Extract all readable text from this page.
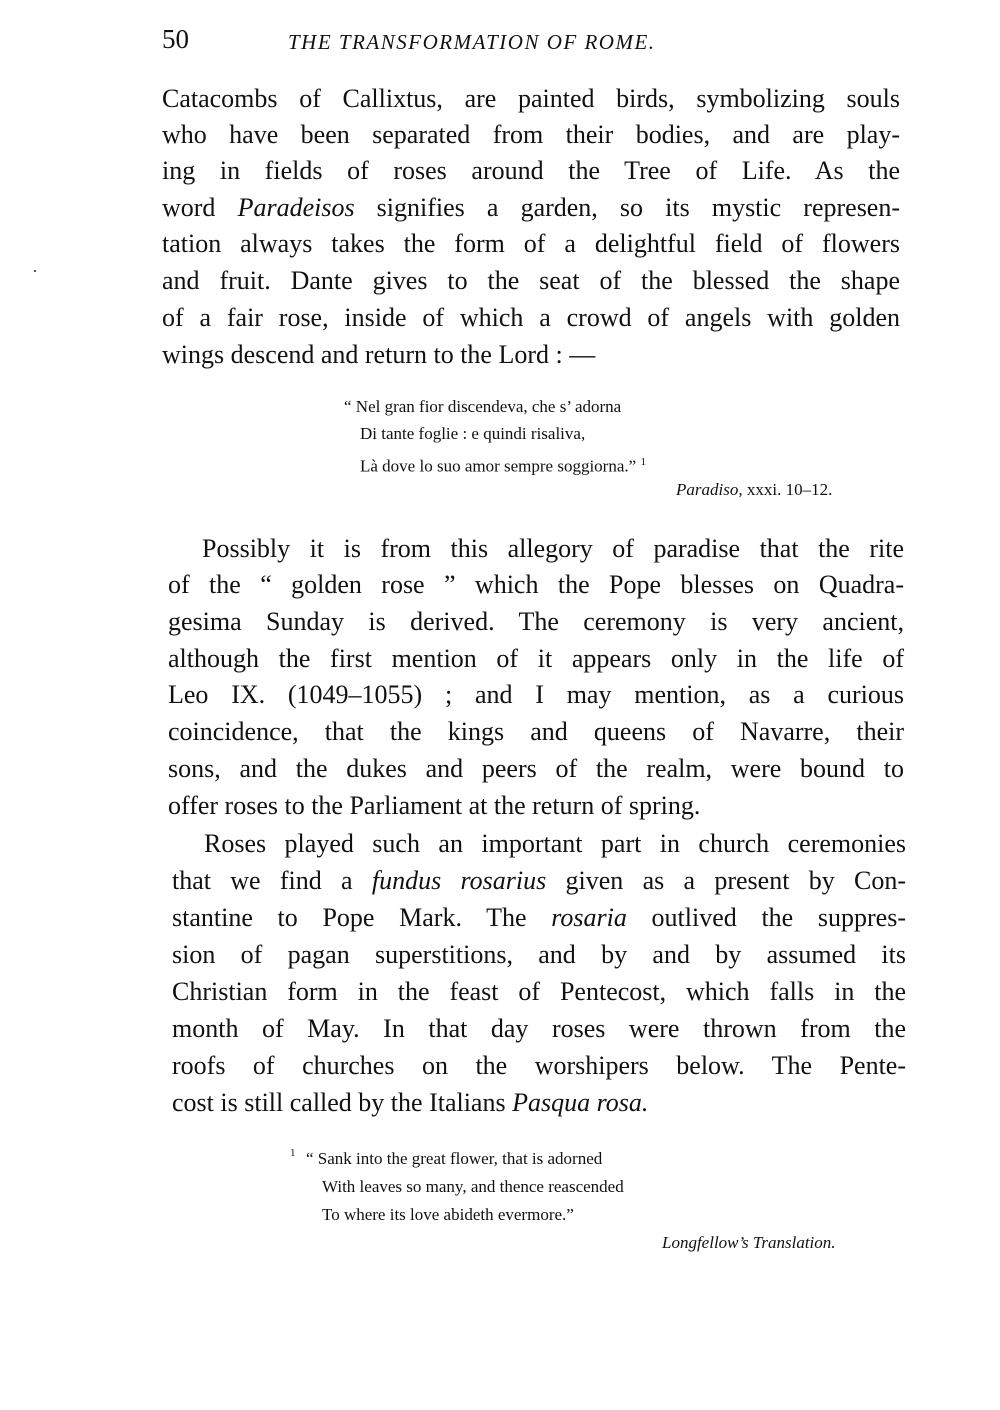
50	THE TRANSFORMATION OF ROME.
Catacombs of Callixtus, are painted birds, symbolizing souls
who have been separated from their bodies, and are play-
ing in fields of roses around the Tree of Life. As the
word Paradeisos signifies a garden, so its mystic represen-
tation always takes the form of a delightful field of flowers
and fruit. Dante gives to the seat of the blessed the shape
of a fair rose, inside of which a crowd of angels with golden
wings descend and return to the Lord : —
“ Nel gran fior discendeva, che s’ adorna
Di tante foglie : e quindi risaliva,
Là dove lo suo amor sempre soggiorna.” $^1$
Paradiso, xxxi. 10–12.
Possibly it is from this allegory of paradise that the rite
of the “ golden rose ” which the Pope blesses on Quadra-
gesima Sunday is derived. The ceremony is very ancient,
although the first mention of it appears only in the life of
Leo IX. (1049–1055) ; and I may mention, as a curious
coincidence, that the kings and queens of Navarre, their
sons, and the dukes and peers of the realm, were bound to
offer roses to the Parliament at the return of spring.
Roses played such an important part in church ceremonies
that we find a fundus rosarius given as a present by Con-
stantine to Pope Mark. The rosaria outlived the suppres-
sion of pagan superstitions, and by and by assumed its
Christian form in the feast of Pentecost, which falls in the
month of May. In that day roses were thrown from the
roofs of churches on the worshipers below. The Pente-
cost is still called by the Italians Pasqua rosa.
1 “ Sank into the great flower, that is adorned
With leaves so many, and thence reascended
To where its love abideth evermore.”
Longfellow’s Translation.
